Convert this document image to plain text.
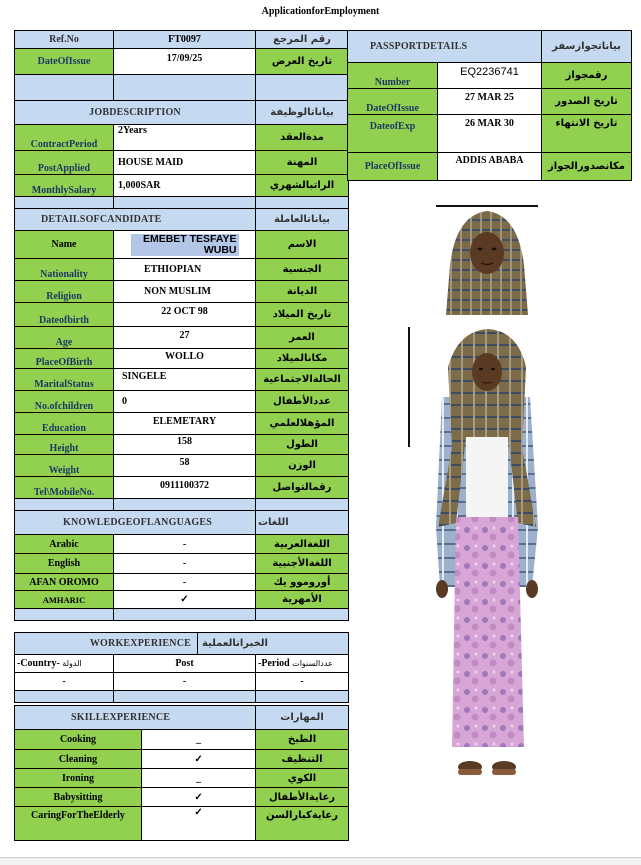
ApplicationforEmployment
Ref.No	FT0097	رقم المرجع
DateOfIssue	17/09/25	تاريخ العرض

JOBDESCRIPTION		بياناتالوظيفة
ContractPeriod	2Years	مدةالعقد
PostApplied	HOUSE MAID	المهنة
MonthlySalary	1,000SAR	الراتبالشهري

DETAILSOFCANDIDATE		بياناتالعاملة
Name	EMEBET TESFAYE WUBU	الاسم
Nationality	ETHIOPIAN	الجنسية
Religion	NON MUSLIM	الديانة
Dateofbirth	22 OCT 98	تاريخ الميلاد
Age	27	العمر
PlaceOfBirth	WOLLO	مكانالميلاد
MaritalStatus	SINGELE	الحالةالاجتماعية
No.ofchildren	0	عددالأطفال
Education	ELEMETARY	المؤهلالعلمي
Height	158	الطول
Weight	58	الوزن
Tel\MobileNo.	0911100372	رقمالتواصل

KNOWLEDGEOFLANGUAGES		اللغات
Arabic	-	اللغةالعربية
English	-	اللغةالأجنبية
AFAN OROMO	-	أوروموو يك
AMHARIC	✓	الأمهرية

WORKEXPERIENCE		الخبراتالعملية	
-Country- الدولة	Post		-Period عددالسنوات
-	-		-

SKILLEXPERIENCE		المهارات
Cooking	_	الطبخ
Cleaning	✓	التنظيف
Ironing	_	الكوي
Babysitting	✓	رعايةالأطفال
CaringForTheElderly	✓	رعايةكبارالسن
PASSPORTDETAILS		بياناتجوازسفر
Number	EQ2236741	رقمجواز
DateOfIssue	27 MAR 25	تاريخ الصدور
DateofExp	26 MAR 30	تاريخ الانتهاء
PlaceOfIssue	ADDIS ABABA	مكانصدورالجواز
